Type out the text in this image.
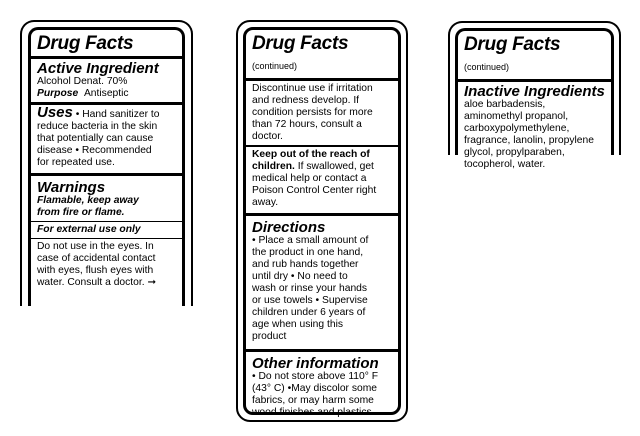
Drug Facts
Active Ingredient
Alcohol Denat. 70%
Purpose Antiseptic
Uses • Hand sanitizer to
reduce bacteria in the skin
that potentially can cause
disease • Recommended
for repeated use.
Warnings
Flamable, keep away
from fire or flame.
For external use only
Do not use in the eyes. In
case of accidental contact
with eyes, flush eyes with
water. Consult a doctor. ➞
Drug Facts (continued)
Discontinue use if irritation
and redness develop. If
condition persists for more
than 72 hours, consult a
doctor.
Keep out of the reach of
children. If swallowed, get
medical help or contact a
Poison Control Center right
away.
Directions
• Place a small amount of
the product in one hand,
and rub hands together
until dry • No need to
wash or rinse your hands
or use towels • Supervise
children under 6 years of
age when using this
product
Other information
• Do not store above 110° F
(43° C) •May discolor some
fabrics, or may harm some
wood finishes and plastics.
Drug Facts (continued)
Inactive Ingredients
aloe barbadensis,
aminomethyl propanol,
carboxypolymethylene,
fragrance, lanolin, propylene
glycol, propylparaben,
tocopherol, water.
